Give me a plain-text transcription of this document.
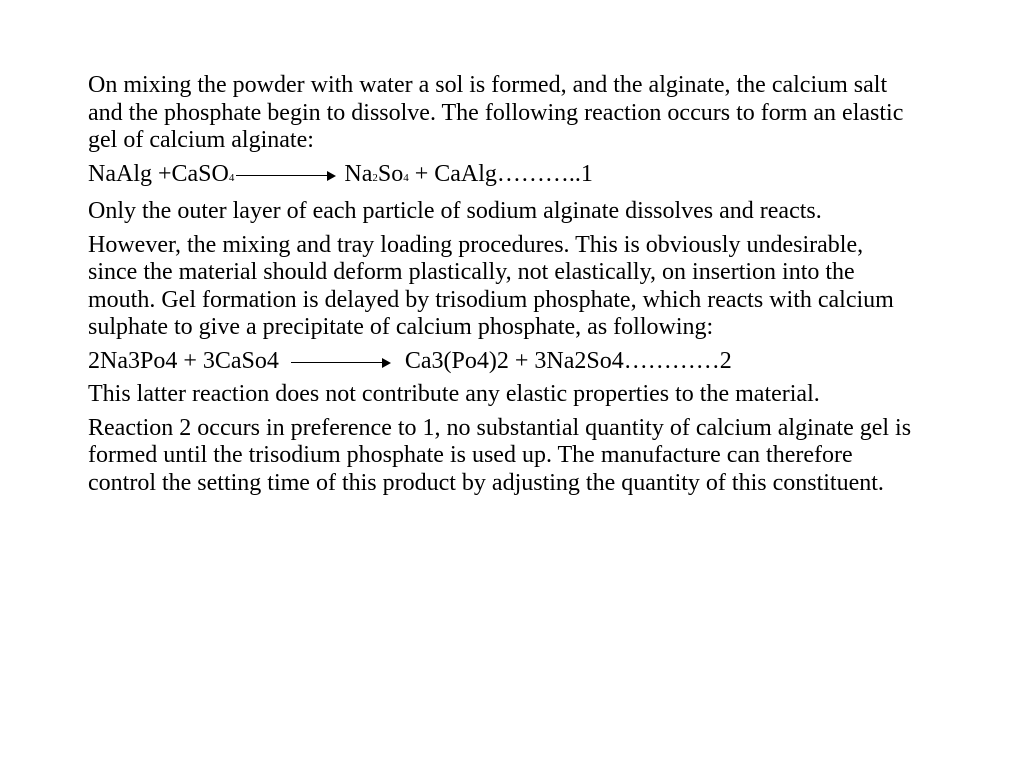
On mixing the powder with water a sol is formed, and the alginate, the calcium salt and the phosphate begin to dissolve. The following reaction occurs to form an elastic gel of calcium alginate:

NaAlg +CaSO 4	Na 2 So 4 + CaAlg………..1

Only the outer layer of each particle of sodium alginate dissolves and reacts.

However, the mixing and tray loading procedures. This is obviously undesirable, since the material should deform plastically, not elastically, on insertion into the mouth. Gel formation is delayed by trisodium phosphate, which reacts with calcium sulphate to give a precipitate of calcium phosphate, as following:

2Na3Po4 + 3CaSo4	Ca3(Po4)2 + 3Na2So4…………2

This latter reaction does not contribute any elastic properties to the material.

Reaction 2 occurs in preference to 1, no substantial quantity of calcium alginate gel is formed until the trisodium phosphate is used up. The manufacture can therefore control the setting time of this product by adjusting the quantity of this constituent.
